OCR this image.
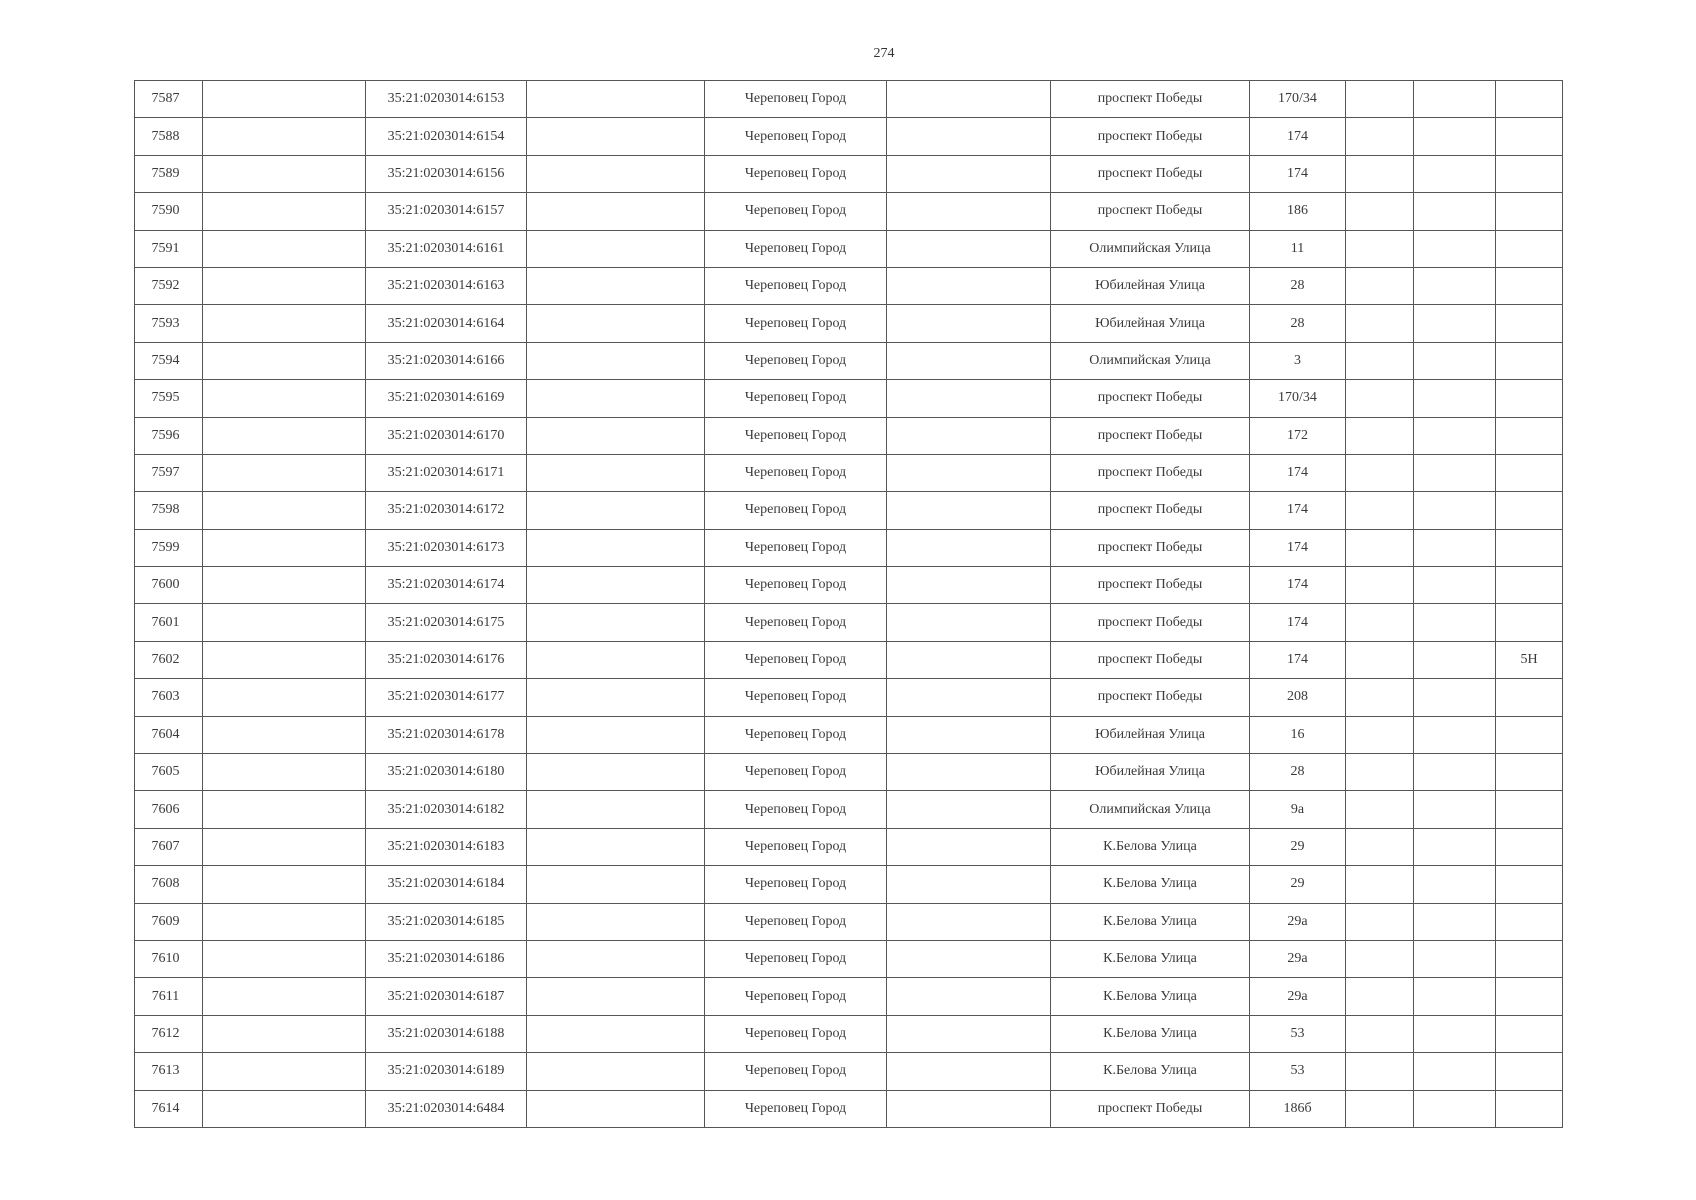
274
7587		35:21:0203014:6153		Череповец Город		проспект Победы	170/34			
7588		35:21:0203014:6154		Череповец Город		проспект Победы	174			
7589		35:21:0203014:6156		Череповец Город		проспект Победы	174			
7590		35:21:0203014:6157		Череповец Город		проспект Победы	186			
7591		35:21:0203014:6161		Череповец Город		Олимпийская Улица	11			
7592		35:21:0203014:6163		Череповец Город		Юбилейная Улица	28			
7593		35:21:0203014:6164		Череповец Город		Юбилейная Улица	28			
7594		35:21:0203014:6166		Череповец Город		Олимпийская Улица	3			
7595		35:21:0203014:6169		Череповец Город		проспект Победы	170/34			
7596		35:21:0203014:6170		Череповец Город		проспект Победы	172			
7597		35:21:0203014:6171		Череповец Город		проспект Победы	174			
7598		35:21:0203014:6172		Череповец Город		проспект Победы	174			
7599		35:21:0203014:6173		Череповец Город		проспект Победы	174			
7600		35:21:0203014:6174		Череповец Город		проспект Победы	174			
7601		35:21:0203014:6175		Череповец Город		проспект Победы	174			
7602		35:21:0203014:6176		Череповец Город		проспект Победы	174			5Н
7603		35:21:0203014:6177		Череповец Город		проспект Победы	208			
7604		35:21:0203014:6178		Череповец Город		Юбилейная Улица	16			
7605		35:21:0203014:6180		Череповец Город		Юбилейная Улица	28			
7606		35:21:0203014:6182		Череповец Город		Олимпийская Улица	9а			
7607		35:21:0203014:6183		Череповец Город		К.Белова Улица	29			
7608		35:21:0203014:6184		Череповец Город		К.Белова Улица	29			
7609		35:21:0203014:6185		Череповец Город		К.Белова Улица	29а			
7610		35:21:0203014:6186		Череповец Город		К.Белова Улица	29а			
7611		35:21:0203014:6187		Череповец Город		К.Белова Улица	29а			
7612		35:21:0203014:6188		Череповец Город		К.Белова Улица	53			
7613		35:21:0203014:6189		Череповец Город		К.Белова Улица	53			
7614		35:21:0203014:6484		Череповец Город		проспект Победы	186б			
